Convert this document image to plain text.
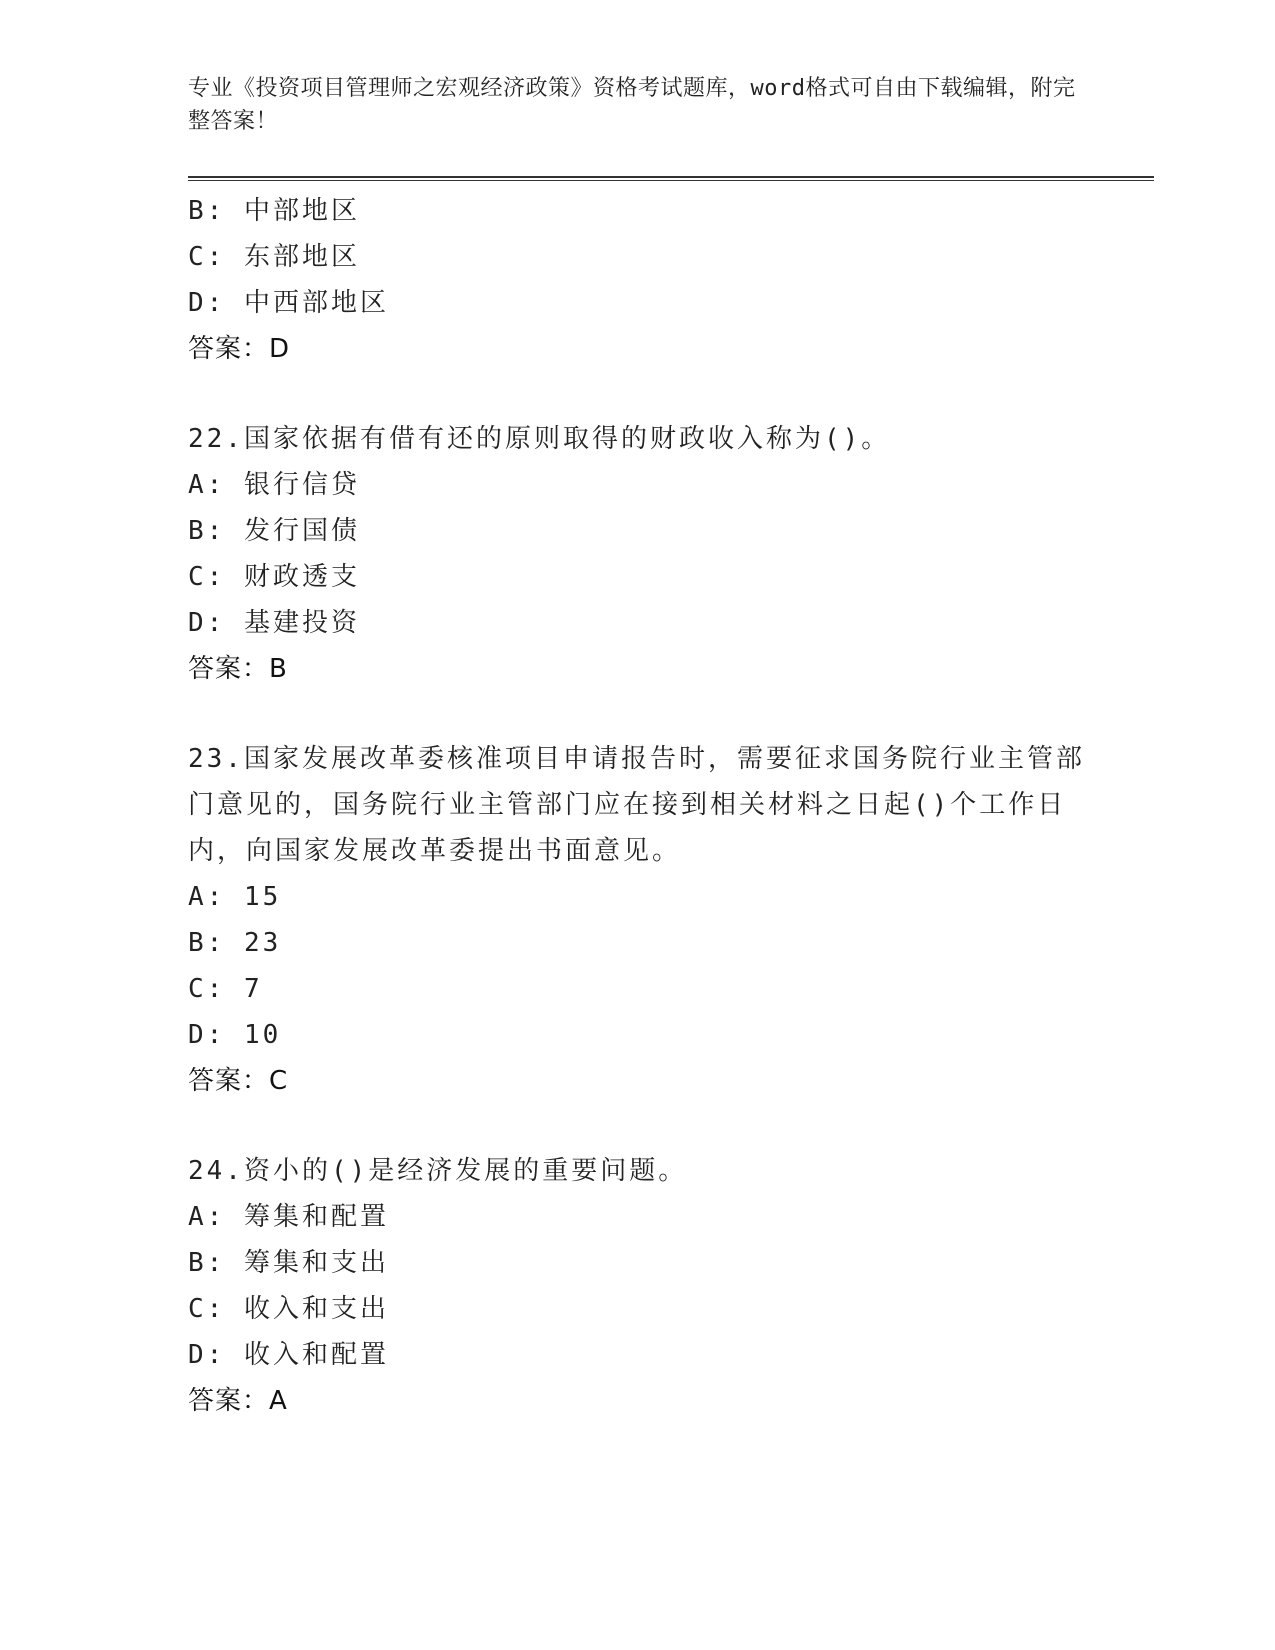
专业《投资项目管理师之宏观经济政策》资格考试题库，word格式可自由下载编辑，附完整答案！
B: 中部地区
C: 东部地区
D: 中西部地区
答案：D
22.国家依据有借有还的原则取得的财政收入称为()。
A: 银行信贷
B: 发行国债
C: 财政透支
D: 基建投资
答案：B
23.国家发展改革委核准项目申请报告时，需要征求国务院行业主管部门意见的，国务院行业主管部门应在接到相关材料之日起()个工作日内，向国家发展改革委提出书面意见。
A: 15
B: 23
C: 7
D: 10
答案：C
24.资小的()是经济发展的重要问题。
A: 筹集和配置
B: 筹集和支出
C: 收入和支出
D: 收入和配置
答案：A
